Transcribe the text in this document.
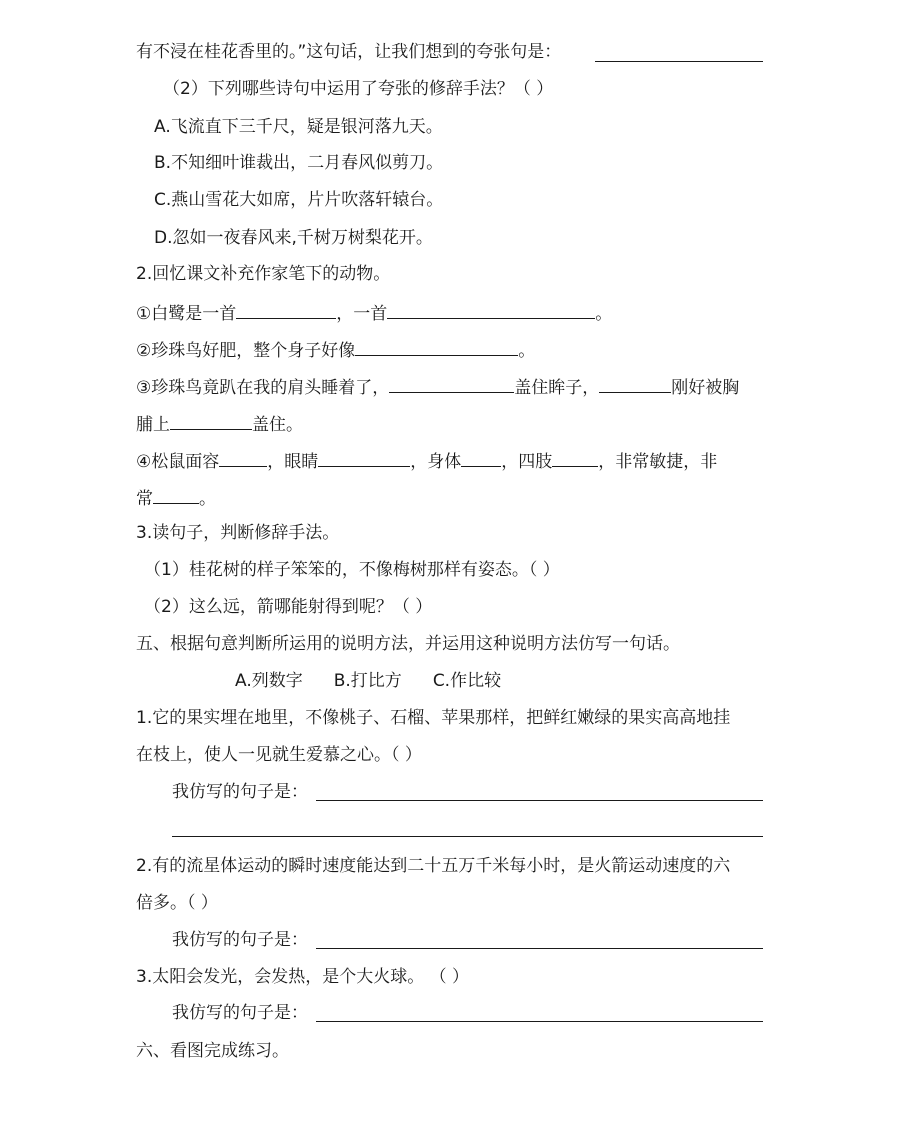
有不浸在桂花香里的。”这句话，让我们想到的夸张句是：
（2）下列哪些诗句中运用了夸张的修辞手法？（ ）
A.飞流直下三千尺，疑是银河落九天。
B.不知细叶谁裁出，二月春风似剪刀。
C.燕山雪花大如席，片片吹落轩辕台。
D.忽如一夜春风来,千树万树梨花开。
2.回忆课文补充作家笔下的动物。
①白鹭是一首	，一首	。
②珍珠鸟好肥，整个身子好像	。
③珍珠鸟竟趴在我的肩头睡着了，	盖住眸子，	刚好被胸
脯上	盖住。
④松鼠面容	，眼睛	，身体 ，四肢	，非常敏捷，非
常	。
3.读句子，判断修辞手法。
（1）桂花树的样子笨笨的，不像梅树那样有姿态。（ ）
（2）这么远，箭哪能射得到呢？（ ）
五、根据句意判断所运用的说明方法，并运用这种说明方法仿写一句话。
A.列数字 B.打比方 C.作比较
1.它的果实埋在地里，不像桃子、石榴、苹果那样，把鲜红嫩绿的果实高高地挂
在枝上，使人一见就生爱慕之心。（ ）
我仿写的句子是：
2.有的流星体运动的瞬时速度能达到二十五万千米每小时，是火箭运动速度的六
倍多。（ ）
我仿写的句子是：
3.太阳会发光，会发热，是个大火球。 （ ）
我仿写的句子是：
六、看图完成练习。
